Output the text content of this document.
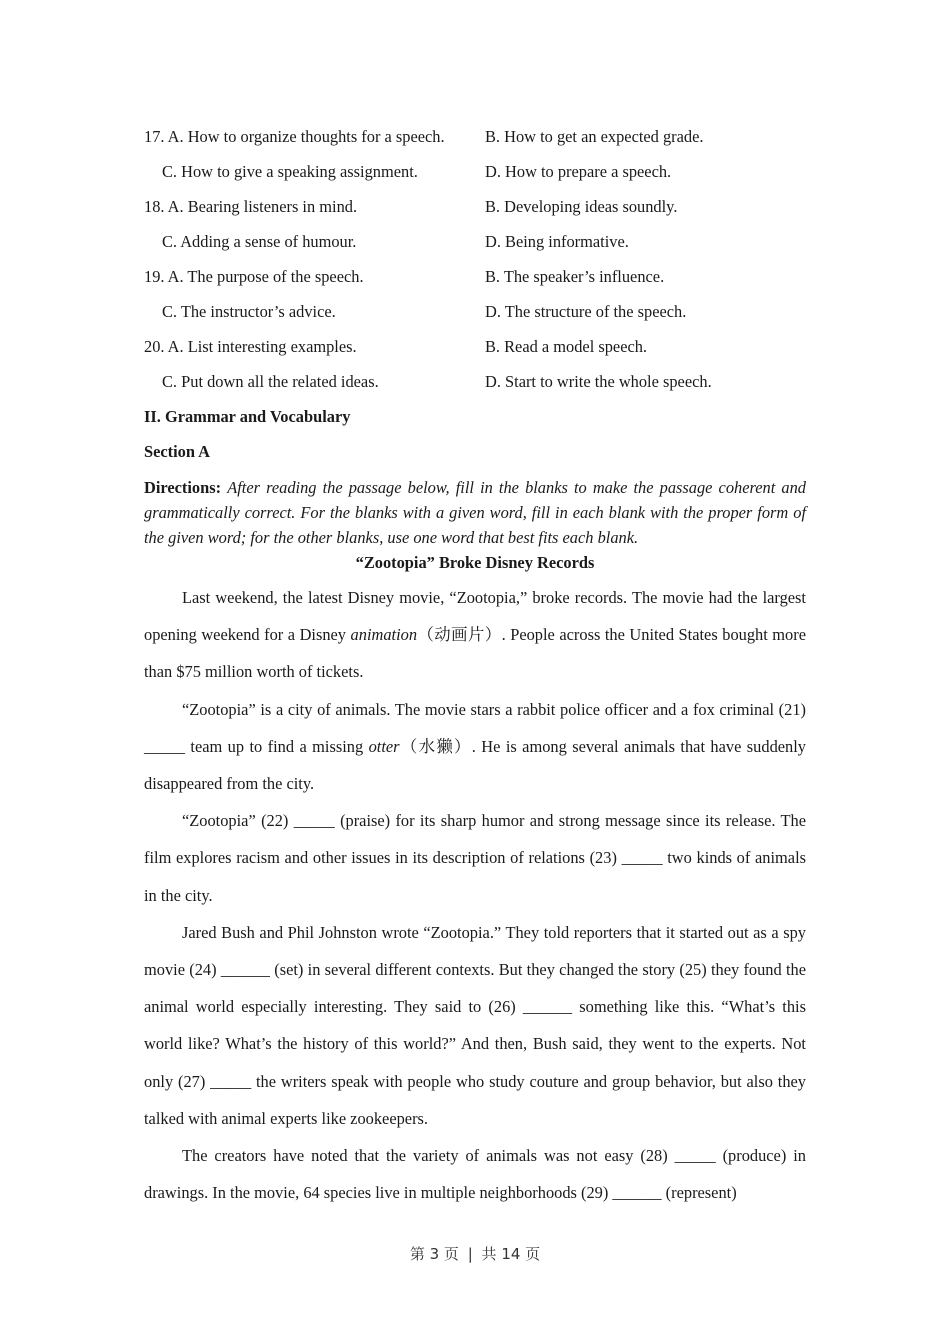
17. A. How to organize thoughts for a speech. B. How to get an expected grade.
C. How to give a speaking assignment.	D. How to prepare a speech.
18. A. Bearing listeners in mind.	B. Developing ideas soundly.
C. Adding a sense of humour.	D. Being informative.
19. A. The purpose of the speech.	B. The speaker’s influence.
C. The instructor’s advice.	D. The structure of the speech.
20. A. List interesting examples.	B. Read a model speech.
C. Put down all the related ideas.	D. Start to write the whole speech.
II. Grammar and Vocabulary
Section A
Directions: After reading the passage below, fill in the blanks to make the passage coherent and grammatically correct. For the blanks with a given word, fill in each blank with the proper form of the given word; for the other blanks, use one word that best fits each blank.
“Zootopia” Broke Disney Records

Last weekend, the latest Disney movie, “Zootopia,” broke records. The movie had the largest opening weekend for a Disney animation（动画片）. People across the United States bought more than $75 million worth of tickets.

“Zootopia” is a city of animals. The movie stars a rabbit police officer and a fox criminal (21) _____ team up to find a missing otter（水獭）. He is among several animals that have suddenly disappeared from the city.

“Zootopia” (22) _____ (praise) for its sharp humor and strong message since its release. The film explores racism and other issues in its description of relations (23) _____ two kinds of animals in the city.

Jared Bush and Phil Johnston wrote “Zootopia.” They told reporters that it started out as a spy movie (24) ______ (set) in several different contexts. But they changed the story (25) they found the animal world especially interesting. They said to (26) ______ something like this. “What’s this world like? What’s the history of this world?” And then, Bush said, they went to the experts. Not only (27) _____ the writers speak with people who study couture and group behavior, but also they talked with animal experts like zookeepers.

The creators have noted that the variety of animals was not easy (28) _____ (produce) in drawings. In the movie, 64 species live in multiple neighborhoods (29) ______ (represent)

第 3 页 | 共 14 页
